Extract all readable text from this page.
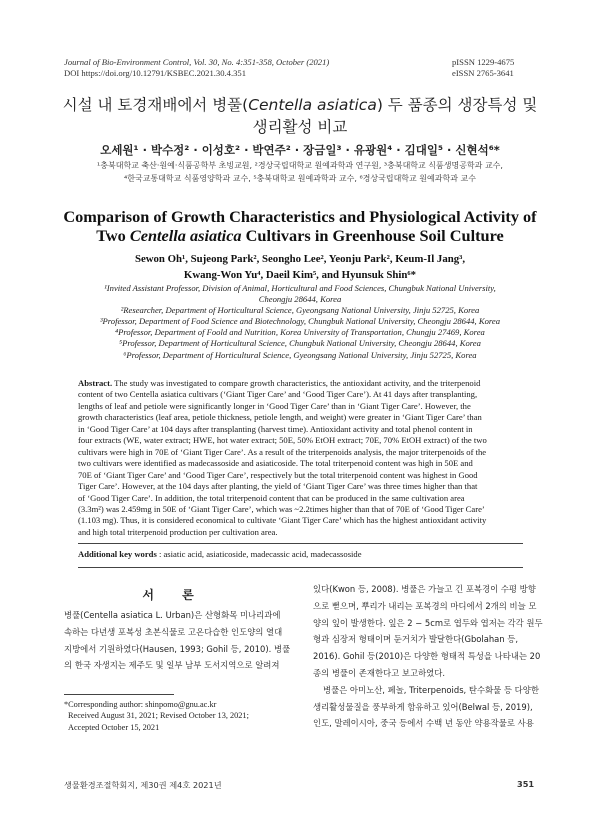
Journal of Bio-Environment Control, Vol. 30, No. 4:351-358, October (2021)
DOI https://doi.org/10.12791/KSBEC.2021.30.4.351
pISSN 1229-4675
eISSN 2765-3641
시설 내 토경재배에서 병풀(Centella asiatica) 두 품종의 생장특성 및
생리활성 비교
오세원¹ · 박수정² · 이성호² · 박연주² · 장금일³ · 유광원⁴ · 김대일⁵ · 신현석⁶*
¹충북대학교 축산·원예·식품공학부 초빙교원, ²경상국립대학교 원예과학과 연구원, ³충북대학교 식품생명공학과 교수,
⁴한국교통대학교 식품영양학과 교수, ⁵충북대학교 원예과학과 교수, ⁶경상국립대학교 원예과학과 교수
Comparison of Growth Characteristics and Physiological Activity of
Two Centella asiatica Cultivars in Greenhouse Soil Culture
Sewon Oh¹, Sujeong Park², Seongho Lee², Yeonju Park², Keum-Il Jang³,
Kwang-Won Yu⁴, Daeil Kim⁵, and Hyunsuk Shin⁶*
¹Invited Assistant Professor, Division of Animal, Horticultural and Food Sciences, Chungbuk National University,
Cheongju 28644, Korea
²Researcher, Department of Horticultural Science, Gyeongsang National University, Jinju 52725, Korea
³Professor, Department of Food Science and Biotechnology, Chungbuk National University, Cheongju 28644, Korea
⁴Professor, Department of Foold and Nutrition, Korea University of Transportation, Chungju 27469, Korea
⁵Professor, Department of Horticultural Science, Chungbuk National University, Cheongju 28644, Korea
⁶Professor, Department of Horticultural Science, Gyeongsang National University, Jinju 52725, Korea
Abstract. The study was investigated to compare growth characteristics, the antioxidant activity, and the triterpenoid
content of two Centella asiatica cultivars (‘Giant Tiger Care’ and ‘Good Tiger Care’). At 41 days after transplanting,
lengths of leaf and petiole were significantly longer in ‘Good Tiger Care’ than in ‘Giant Tiger Care’. However, the
growth characteristics (leaf area, petiole thickness, petiole length, and weight) were greater in ‘Giant Tiger Care’ than
in ‘Good Tiger Care’ at 104 days after transplanting (harvest time). Antioxidant activity and total phenol content in
four extracts (WE, water extract; HWE, hot water extract; 50E, 50% EtOH extract; 70E, 70% EtOH extract) of the two
cultivars were high in 70E of ‘Giant Tiger Care’. As a result of the triterpenoids analysis, the major triterpenoids of the
two cultivars were identified as madecassoside and asiaticoside. The total triterpenoid content was high in 50E and
70E of ‘Giant Tiger Care’ and ‘Good Tiger Care’, respectively but the total triterpenoid content was highest in Good
Tiger Care’. However, at the 104 days after planting, the yield of ‘Giant Tiger Care’ was three times higher than that
of ‘Good Tiger Care’. In addition, the total triterpenoid content that can be produced in the same cultivation area
(3.3m²) was 2.459mg in 50E of ‘Giant Tiger Care’, which was ~2.2times higher than that of 70E of ‘Good Tiger Care’
(1.103 mg). Thus, it is considered economical to cultivate ‘Giant Tiger Care’ which has the highest antioxidant activity
and high total triterpenoid production per cultivation area.
Additional key words : asiatic acid, asiaticoside, madecassic acid, madecassoside
서 론
병풀(Centella asiatica L. Urban)은 산형화목 미나리과에
속하는 다년생 포복성 초본식물로 고온다습한 인도양의 열대
지방에서 기원하였다(Hausen, 1993; Gohil 등, 2010). 병풀
의 한국 자생지는 제주도 및 일부 남부 도서지역으로 알려져
*Corresponding author: shinpomo@gnu.ac.kr
Received August 31, 2021; Revised October 13, 2021;
Accepted October 15, 2021
있다(Kwon 등, 2008). 병풀은 가늘고 긴 포복경이 수평 방향
으로 뻗으며, 뿌리가 내리는 포복경의 마디에서 2개의 비늘 모
양의 잎이 발생한다. 잎은 2 − 5cm로 엽두와 엽저는 각각 원두
형과 심장저 형태이며 둔거치가 발달한다(Gbolahan 등,
2016). Gohil 등(2010)은 다양한 형태적 특성을 나타내는 20
종의 병풀이 존재한다고 보고하였다.
병풀은 아미노산, 페놀, Triterpenoids, 탄수화물 등 다양한
생리활성물질을 풍부하게 함유하고 있어(Belwal 등, 2019),
인도, 말레이시아, 중국 등에서 수백 년 동안 약용작물로 사용
생물환경조절학회지, 제30권 제4호 2021년	351
